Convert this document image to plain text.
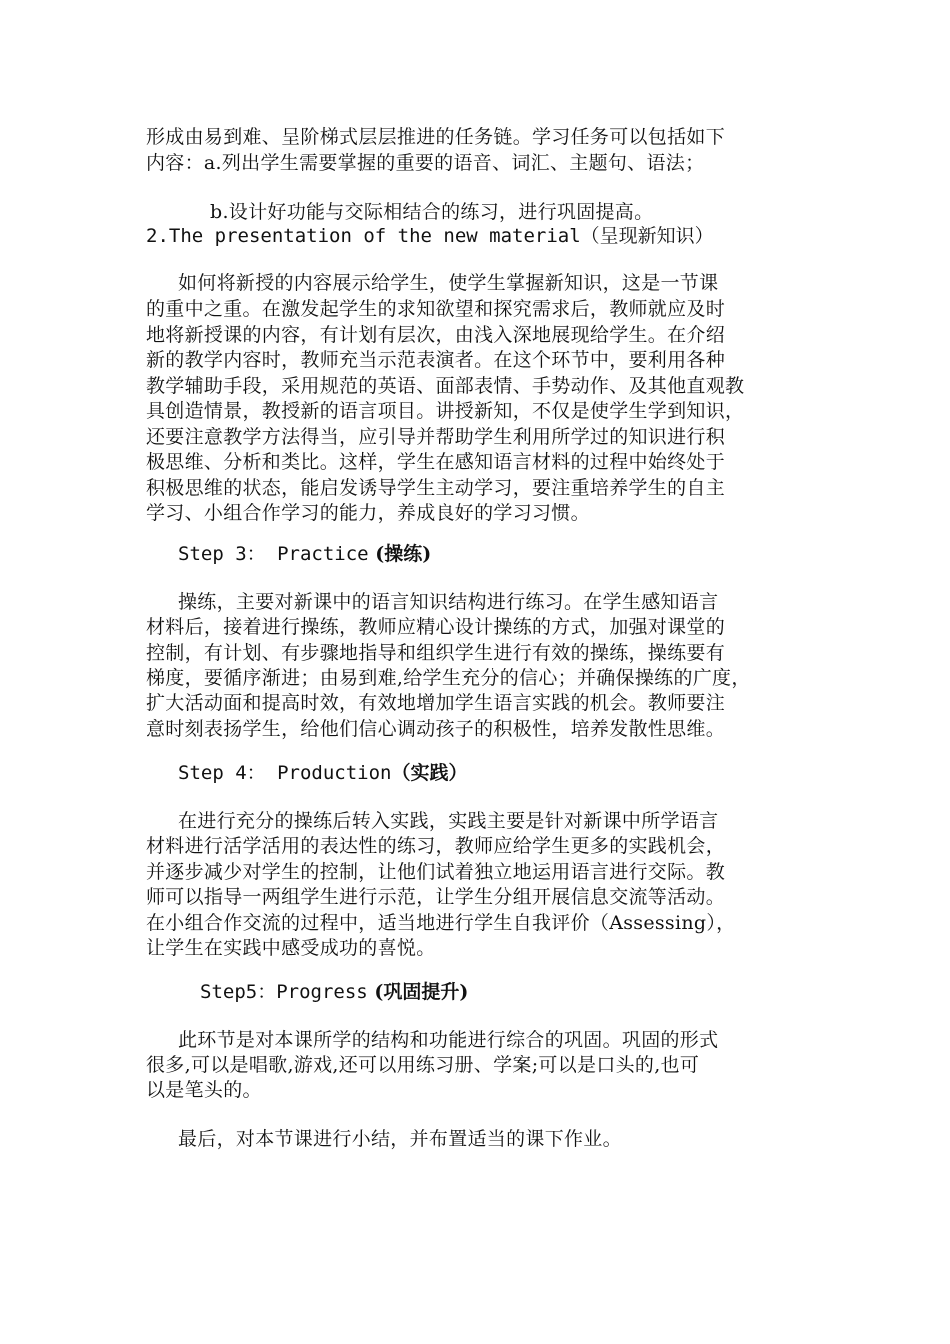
形成由易到难、呈阶梯式层层推进的任务链。学习任务可以包括如下
内容：a.列出学生需要掌握的重要的语音、词汇、主题句、语法；
b.设计好功能与交际相结合的练习，进行巩固提高。
2.The presentation of the new material（呈现新知识）
如何将新授的内容展示给学生，使学生掌握新知识，这是一节课
的重中之重。在激发起学生的求知欲望和探究需求后，教师就应及时
地将新授课的内容，有计划有层次，由浅入深地展现给学生。在介绍
新的教学内容时，教师充当示范表演者。在这个环节中，要利用各种
教学辅助手段，采用规范的英语、面部表情、手势动作、及其他直观教
具创造情景，教授新的语言项目。讲授新知，不仅是使学生学到知识，
还要注意教学方法得当，应引导并帮助学生利用所学过的知识进行积
极思维、分析和类比。这样，学生在感知语言材料的过程中始终处于
积极思维的状态，能启发诱导学生主动学习，要注重培养学生的自主
学习、小组合作学习的能力，养成良好的学习习惯。
Step 3： Practice (操练)
操练，主要对新课中的语言知识结构进行练习。在学生感知语言
材料后，接着进行操练，教师应精心设计操练的方式，加强对课堂的
控制，有计划、有步骤地指导和组织学生进行有效的操练，操练要有
梯度，要循序渐进；由易到难,给学生充分的信心；并确保操练的广度，
扩大活动面和提高时效，有效地增加学生语言实践的机会。教师要注
意时刻表扬学生，给他们信心调动孩子的积极性，培养发散性思维。
Step 4： Production（实践）
在进行充分的操练后转入实践，实践主要是针对新课中所学语言
材料进行活学活用的表达性的练习，教师应给学生更多的实践机会，
并逐步减少对学生的控制，让他们试着独立地运用语言进行交际。教
师可以指导一两组学生进行示范，让学生分组开展信息交流等活动。
在小组合作交流的过程中，适当地进行学生自我评价（Assessing），
让学生在实践中感受成功的喜悦。
Step5：Progress (巩固提升)
此环节是对本课所学的结构和功能进行综合的巩固。巩固的形式
很多,可以是唱歌,游戏,还可以用练习册、学案;可以是口头的,也可
以是笔头的。
最后，对本节课进行小结，并布置适当的课下作业。
